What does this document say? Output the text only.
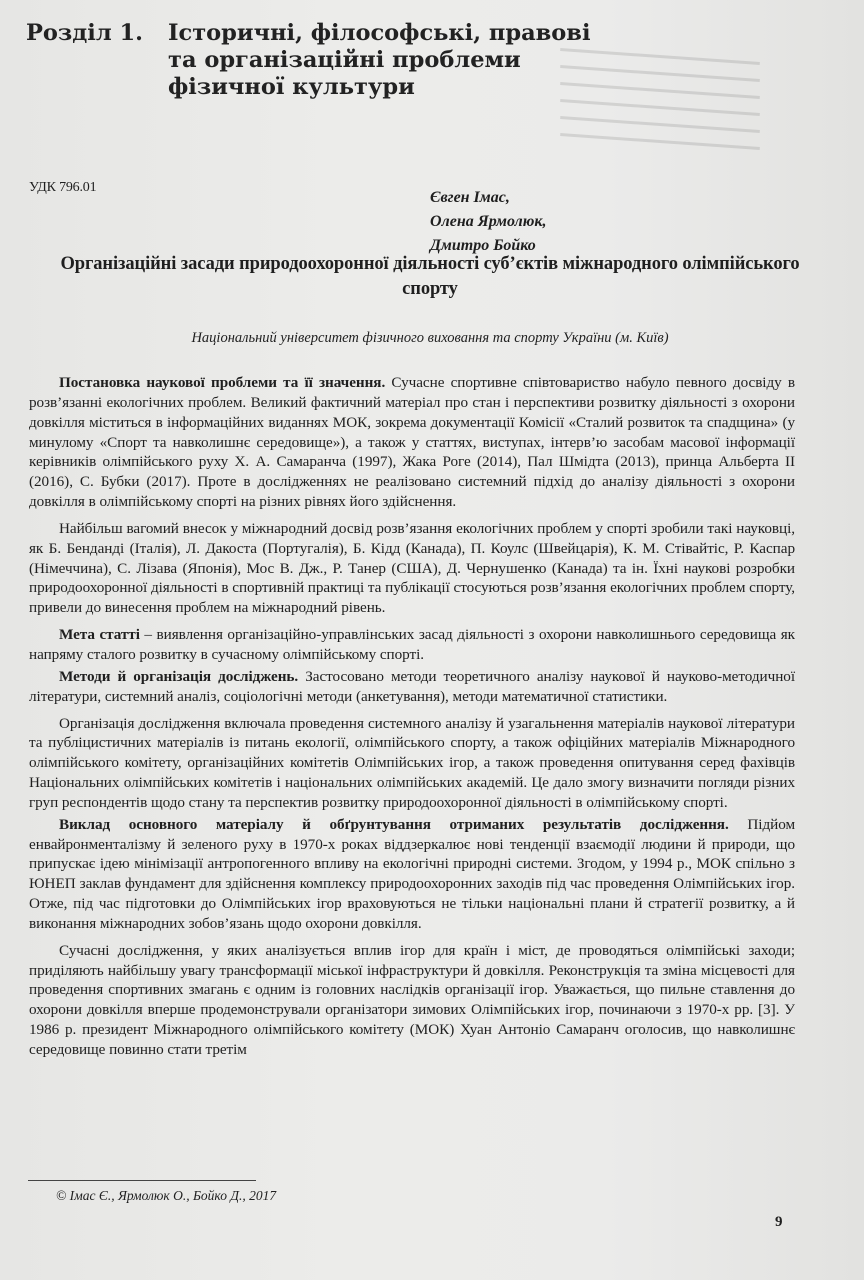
Розділ 1.	Історичні, філософські, правові та організаційні проблеми фізичної культури
УДК 796.01
Євген Імас,
Олена Ярмолюк,
Дмитро Бойко
Організаційні засади природоохоронної діяльності суб’єктів міжнародного олімпійського спорту
Національний університет фізичного виховання та спорту України (м. Київ)

Постановка наукової проблеми та її значення. Сучасне спортивне співтовариство набуло певного досвіду в розв’язанні екологічних проблем. Великий фактичний матеріал про стан і перспективи розвитку діяльності з охорони довкілля міститься в інформаційних виданнях МОК, зокрема документації Комісії «Сталий розвиток та спадщина» (у минулому «Спорт та навколишнє середовище»), а також у статтях, виступах, інтерв’ю засобам масової інформації керівників олімпійського руху Х. А. Самаранча (1997), Жака Роге (2014), Пал Шмідта (2013), принца Альберта ІІ (2016), С. Бубки (2017). Проте в дослідженнях не реалізовано системний підхід до аналізу діяльності з охорони довкілля в олімпійському спорті на різних рівнях його здійснення.

Найбільш вагомий внесок у міжнародний досвід розв’язання екологічних проблем у спорті зробили такі науковці, як Б. Бенданді (Італія), Л. Дакоста (Португалія), Б. Кідд (Канада), П. Коулс (Швейцарія), К. М. Стівайтіс, Р. Каспар (Німеччина), С. Лізава (Японія), Мос В. Дж., Р. Танер (США), Д. Чернушенко (Канада) та ін. Їхні наукові розробки природоохоронної діяльності в спортивній практиці та публікації стосуються розв’язання екологічних проблем спорту, привели до винесення проблем на міжнародний рівень.

Мета статті – виявлення організаційно-управлінських засад діяльності з охорони навколишнього середовища як напряму сталого розвитку в сучасному олімпійському спорті.

Методи й організація досліджень. Застосовано методи теоретичного аналізу наукової й науково-методичної літератури, системний аналіз, соціологічні методи (анкетування), методи математичної статистики.

Організація дослідження включала проведення системного аналізу й узагальнення матеріалів наукової літератури та публіцистичних матеріалів із питань екології, олімпійського спорту, а також офіційних матеріалів Міжнародного олімпійського комітету, організаційних комітетів Олімпійських ігор, а також проведення опитування серед фахівців Національних олімпійських комітетів і національних олімпійських академій. Це дало змогу визначити погляди різних груп респондентів щодо стану та перспектив розвитку природоохоронної діяльності в олімпійському спорті.

Виклад основного матеріалу й обґрунтування отриманих результатів дослідження. Підйом енвайронменталізму й зеленого руху в 1970-х роках віддзеркалює нові тенденції взаємодії людини й природи, що припускає ідею мінімізації антропогенного впливу на екологічні природні системи. Згодом, у 1994 р., МОК спільно з ЮНЕП заклав фундамент для здійснення комплексу природоохоронних заходів під час проведення Олімпійських ігор. Отже, під час підготовки до Олімпійських ігор враховуються не тільки національні плани й стратегії розвитку, а й виконання міжнародних зобов’язань щодо охорони довкілля.

Сучасні дослідження, у яких аналізується вплив ігор для країн і міст, де проводяться олімпійські заходи; приділяють найбільшу увагу трансформації міської інфраструктури й довкілля. Реконструкція та зміна місцевості для проведення спортивних змагань є одним із головних наслідків організації ігор. Уважається, що пильне ставлення до охорони довкілля вперше продемонстрували організатори зимових Олімпійських ігор, починаючи з 1970-х рр. [3]. У 1986 р. президент Міжнародного олімпійського комітету (МОК) Хуан Антоніо Самаранч оголосив, що навколишнє середовище повинно стати третім

© Імас Є., Ярмолюк О., Бойко Д., 2017
9
